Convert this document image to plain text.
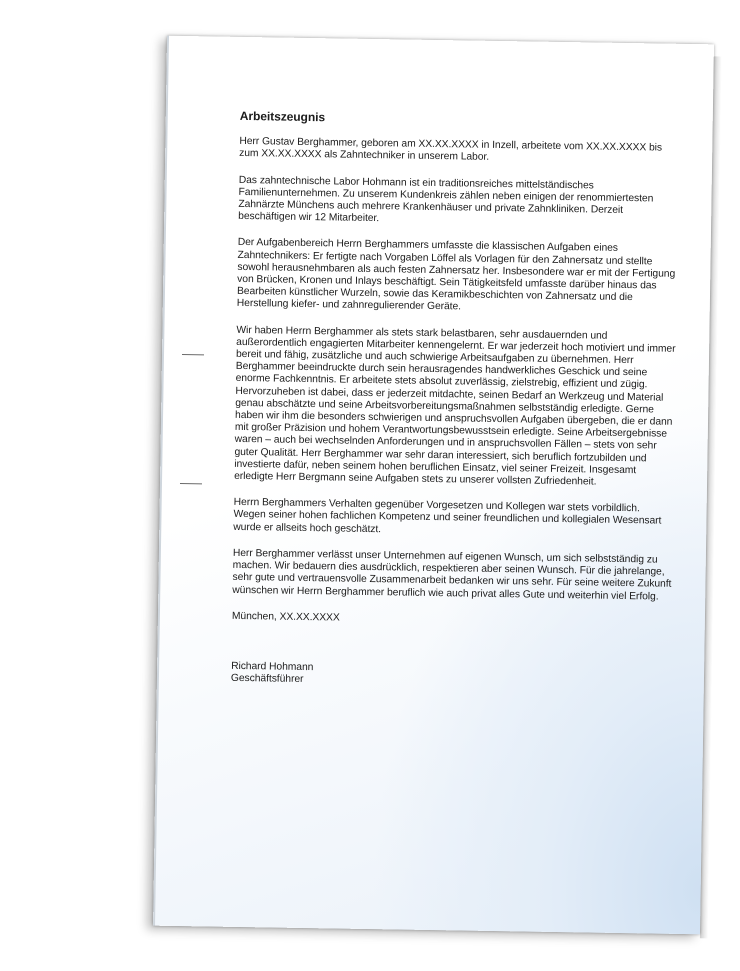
Arbeitszeugnis
Herr Gustav Berghammer, geboren am XX.XX.XXXX in Inzell, arbeitete vom XX.XX.XXXX bis zum XX.XX.XXXX als Zahntechniker in unserem Labor.
Das zahntechnische Labor Hohmann ist ein traditionsreiches mittelständisches Familienunternehmen. Zu unserem Kundenkreis zählen neben einigen der renommiertesten Zahnärzte Münchens auch mehrere Krankenhäuser und private Zahnkliniken. Derzeit beschäftigen wir 12 Mitarbeiter.
Der Aufgabenbereich Herrn Berghammers umfasste die klassischen Aufgaben eines Zahntechnikers: Er fertigte nach Vorgaben Löffel als Vorlagen für den Zahnersatz und stellte sowohl herausnehmbaren als auch festen Zahnersatz her. Insbesondere war er mit der Fertigung von Brücken, Kronen und Inlays beschäftigt. Sein Tätigkeitsfeld umfasste darüber hinaus das Bearbeiten künstlicher Wurzeln, sowie das Keramikbeschichten von Zahnersatz und die Herstellung kiefer- und zahnregulierender Geräte.
Wir haben Herrn Berghammer als stets stark belastbaren, sehr ausdauernden und außerordentlich engagierten Mitarbeiter kennengelernt. Er war jederzeit hoch motiviert und immer bereit und fähig, zusätzliche und auch schwierige Arbeitsaufgaben zu übernehmen. Herr Berghammer beeindruckte durch sein herausragendes handwerkliches Geschick und seine enorme Fachkenntnis. Er arbeitete stets absolut zuverlässig, zielstrebig, effizient und zügig. Hervorzuheben ist dabei, dass er jederzeit mitdachte, seinen Bedarf an Werkzeug und Material genau abschätzte und seine Arbeitsvorbereitungsmaßnahmen selbstständig erledigte. Gerne haben wir ihm die besonders schwierigen und anspruchsvollen Aufgaben übergeben, die er dann mit großer Präzision und hohem Verantwortungsbewusstsein erledigte. Seine Arbeitsergebnisse waren – auch bei wechselnden Anforderungen und in anspruchsvollen Fällen – stets von sehr guter Qualität. Herr Berghammer war sehr daran interessiert, sich beruflich fortzubilden und investierte dafür, neben seinem hohen beruflichen Einsatz, viel seiner Freizeit. Insgesamt erledigte Herr Bergmann seine Aufgaben stets zu unserer vollsten Zufriedenheit.
Herrn Berghammers Verhalten gegenüber Vorgesetzen und Kollegen war stets vorbildlich. Wegen seiner hohen fachlichen Kompetenz und seiner freundlichen und kollegialen Wesensart wurde er allseits hoch geschätzt.
Herr Berghammer verlässt unser Unternehmen auf eigenen Wunsch, um sich selbstständig zu machen. Wir bedauern dies ausdrücklich, respektieren aber seinen Wunsch. Für die jahrelange, sehr gute und vertrauensvolle Zusammenarbeit bedanken wir uns sehr. Für seine weitere Zukunft wünschen wir Herrn Berghammer beruflich wie auch privat alles Gute und weiterhin viel Erfolg.
München, XX.XX.XXXX
Richard Hohmann
Geschäftsführer
